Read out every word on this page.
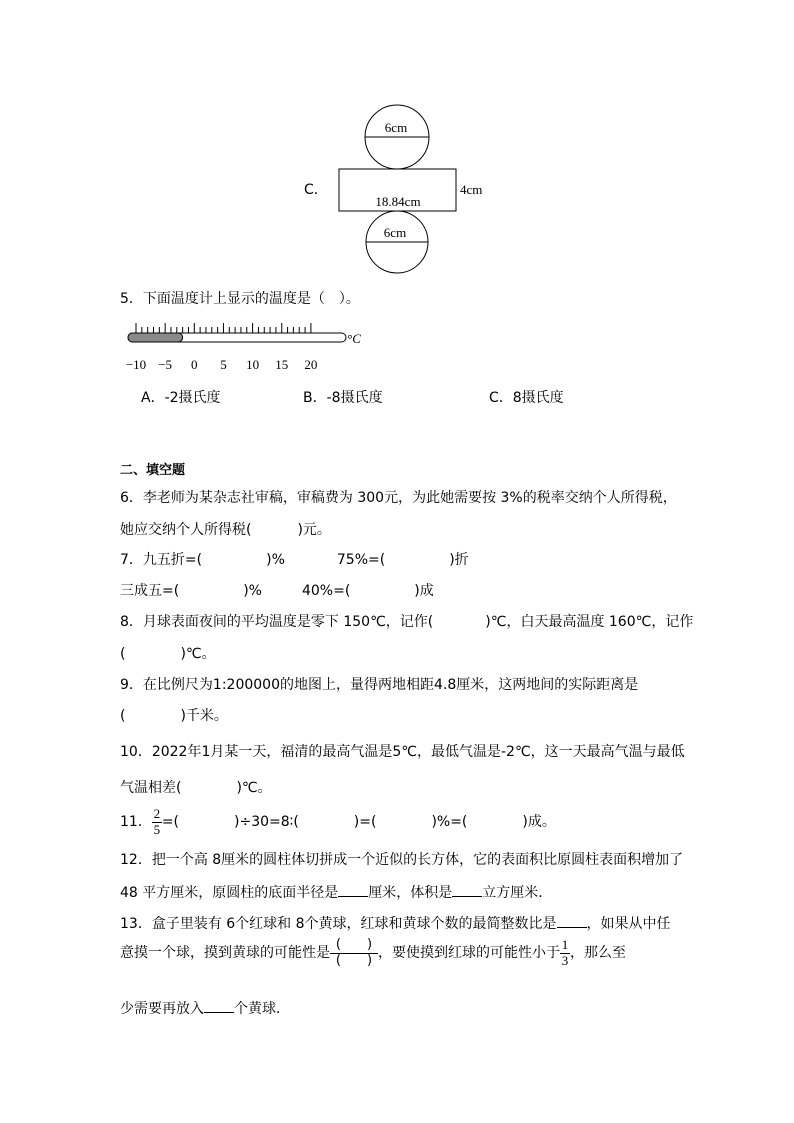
C．
6cm
18.84cm
4cm
6cm
5．下面温度计上显示的温度是（　）。
°C
−10 −5 0 5 10 15 20
A．-2摄氏度	B．-8摄氏度	C．8摄氏度
二、填空题
6．李老师为某杂志社审稿，审稿费为 300元，为此她需要按 3%的税率交纳个人所得税，
她应交纳个人所得税(	)元。
7．九五折=(	)%	75%=(	)折
三成五=(	)%	40%=(	)成
8．月球表面夜间的平均温度是零下 150℃，记作(	)℃，白天最高温度 160℃，记作
(	)℃。
9．在比例尺为1:200000的地图上，量得两地相距4.8厘米，这两地间的实际距离是
(	)千米。
10．2022年1月某一天，福清的最高气温是5℃，最低气温是-2℃，这一天最高气温与最低
气温相差(	)℃。
11． $\frac{2}{5}$ =(	)÷30=8∶(	)=(	)%=(	)成。
12．把一个高 8厘米的圆柱体切拼成一个近似的长方体，它的表面积比原圆柱表面积增加了
48 平方厘米，原圆柱的底面半径是 厘米，体积是 立方厘米．
13．盒子里装有 6个红球和 8个黄球，红球和黄球个数的最简整数比是 ，如果从中任
意摸一个球，摸到黄球的可能性是 $\frac{( )}{( )}$ ，要使摸到红球的可能性小于 $\frac{1}{3}$ ，那么至
少需要再放入 个黄球．
